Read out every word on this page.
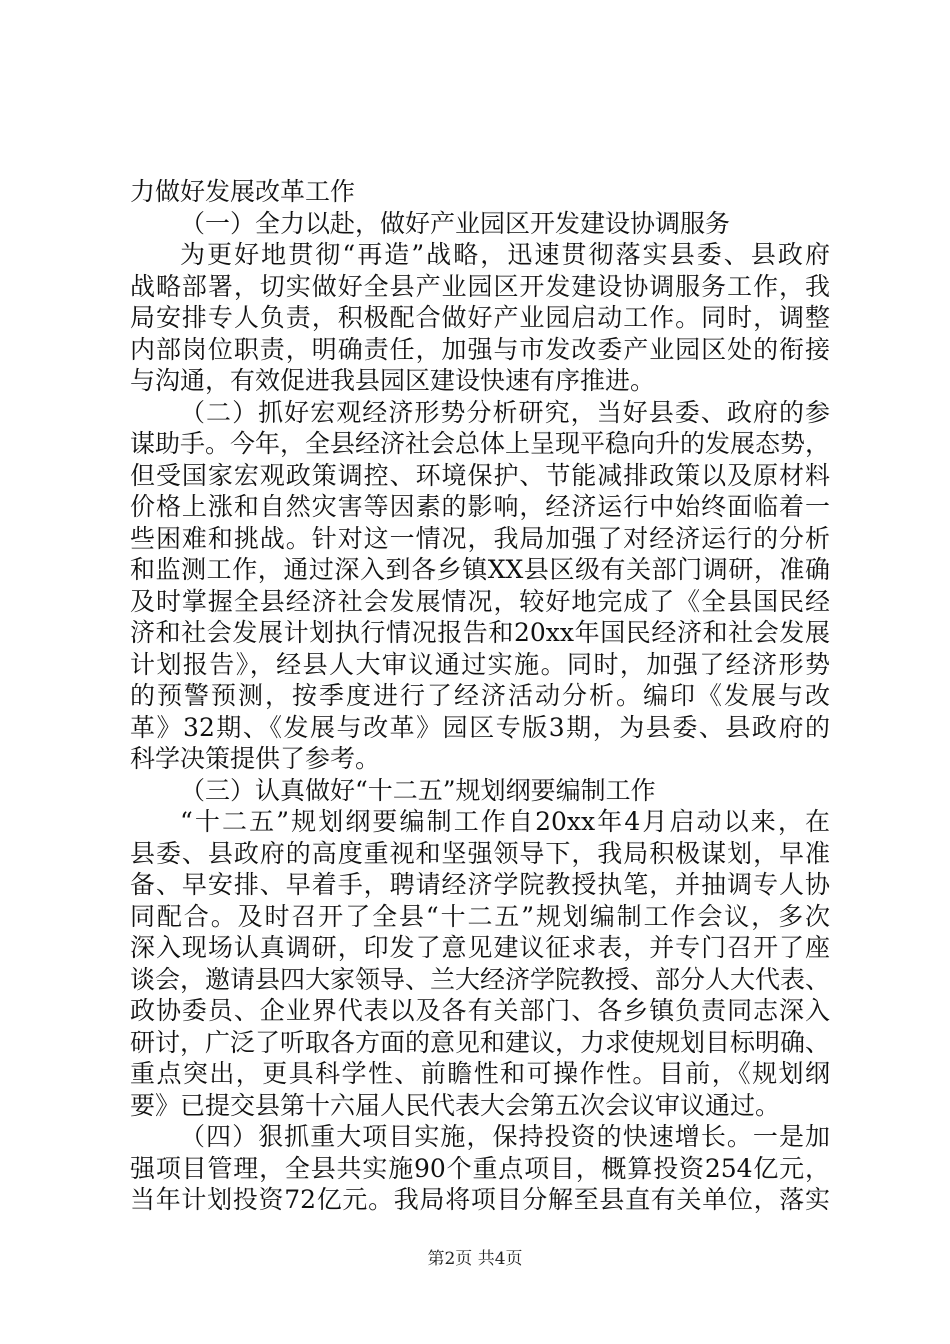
力做好发展改革工作
（一）全力以赴，做好产业园区开发建设协调服务
为更好地贯彻“再造”战略，迅速贯彻落实县委、县政府
战略部署，切实做好全县产业园区开发建设协调服务工作，我
局安排专人负责，积极配合做好产业园启动工作。同时，调整
内部岗位职责，明确责任，加强与市发改委产业园区处的衔接
与沟通，有效促进我县园区建设快速有序推进。
（二）抓好宏观经济形势分析研究，当好县委、政府的参
谋助手。今年，全县经济社会总体上呈现平稳向升的发展态势，
但受国家宏观政策调控、环境保护、节能减排政策以及原材料
价格上涨和自然灾害等因素的影响，经济运行中始终面临着一
些困难和挑战。针对这一情况，我局加强了对经济运行的分析
和监测工作，通过深入到各乡镇XX县区级有关部门调研，准确
及时掌握全县经济社会发展情况，较好地完成了《全县国民经
济和社会发展计划执行情况报告和20xx年国民经济和社会发展
计划报告》，经县人大审议通过实施。同时，加强了经济形势
的预警预测，按季度进行了经济活动分析。编印《发展与改
革》32期、《发展与改革》园区专版3期，为县委、县政府的
科学决策提供了参考。
（三）认真做好“十二五”规划纲要编制工作
“十二五”规划纲要编制工作自20xx年4月启动以来，在
县委、县政府的高度重视和坚强领导下，我局积极谋划，早准
备、早安排、早着手，聘请经济学院教授执笔，并抽调专人协
同配合。及时召开了全县“十二五”规划编制工作会议，多次
深入现场认真调研，印发了意见建议征求表，并专门召开了座
谈会，邀请县四大家领导、兰大经济学院教授、部分人大代表、
政协委员、企业界代表以及各有关部门、各乡镇负责同志深入
研讨，广泛了听取各方面的意见和建议，力求使规划目标明确、
重点突出，更具科学性、前瞻性和可操作性。目前，《规划纲
要》已提交县第十六届人民代表大会第五次会议审议通过。
（四）狠抓重大项目实施，保持投资的快速增长。一是加
强项目管理，全县共实施90个重点项目，概算投资254亿元，
当年计划投资72亿元。我局将项目分解至县直有关单位，落实
第2页 共4页
